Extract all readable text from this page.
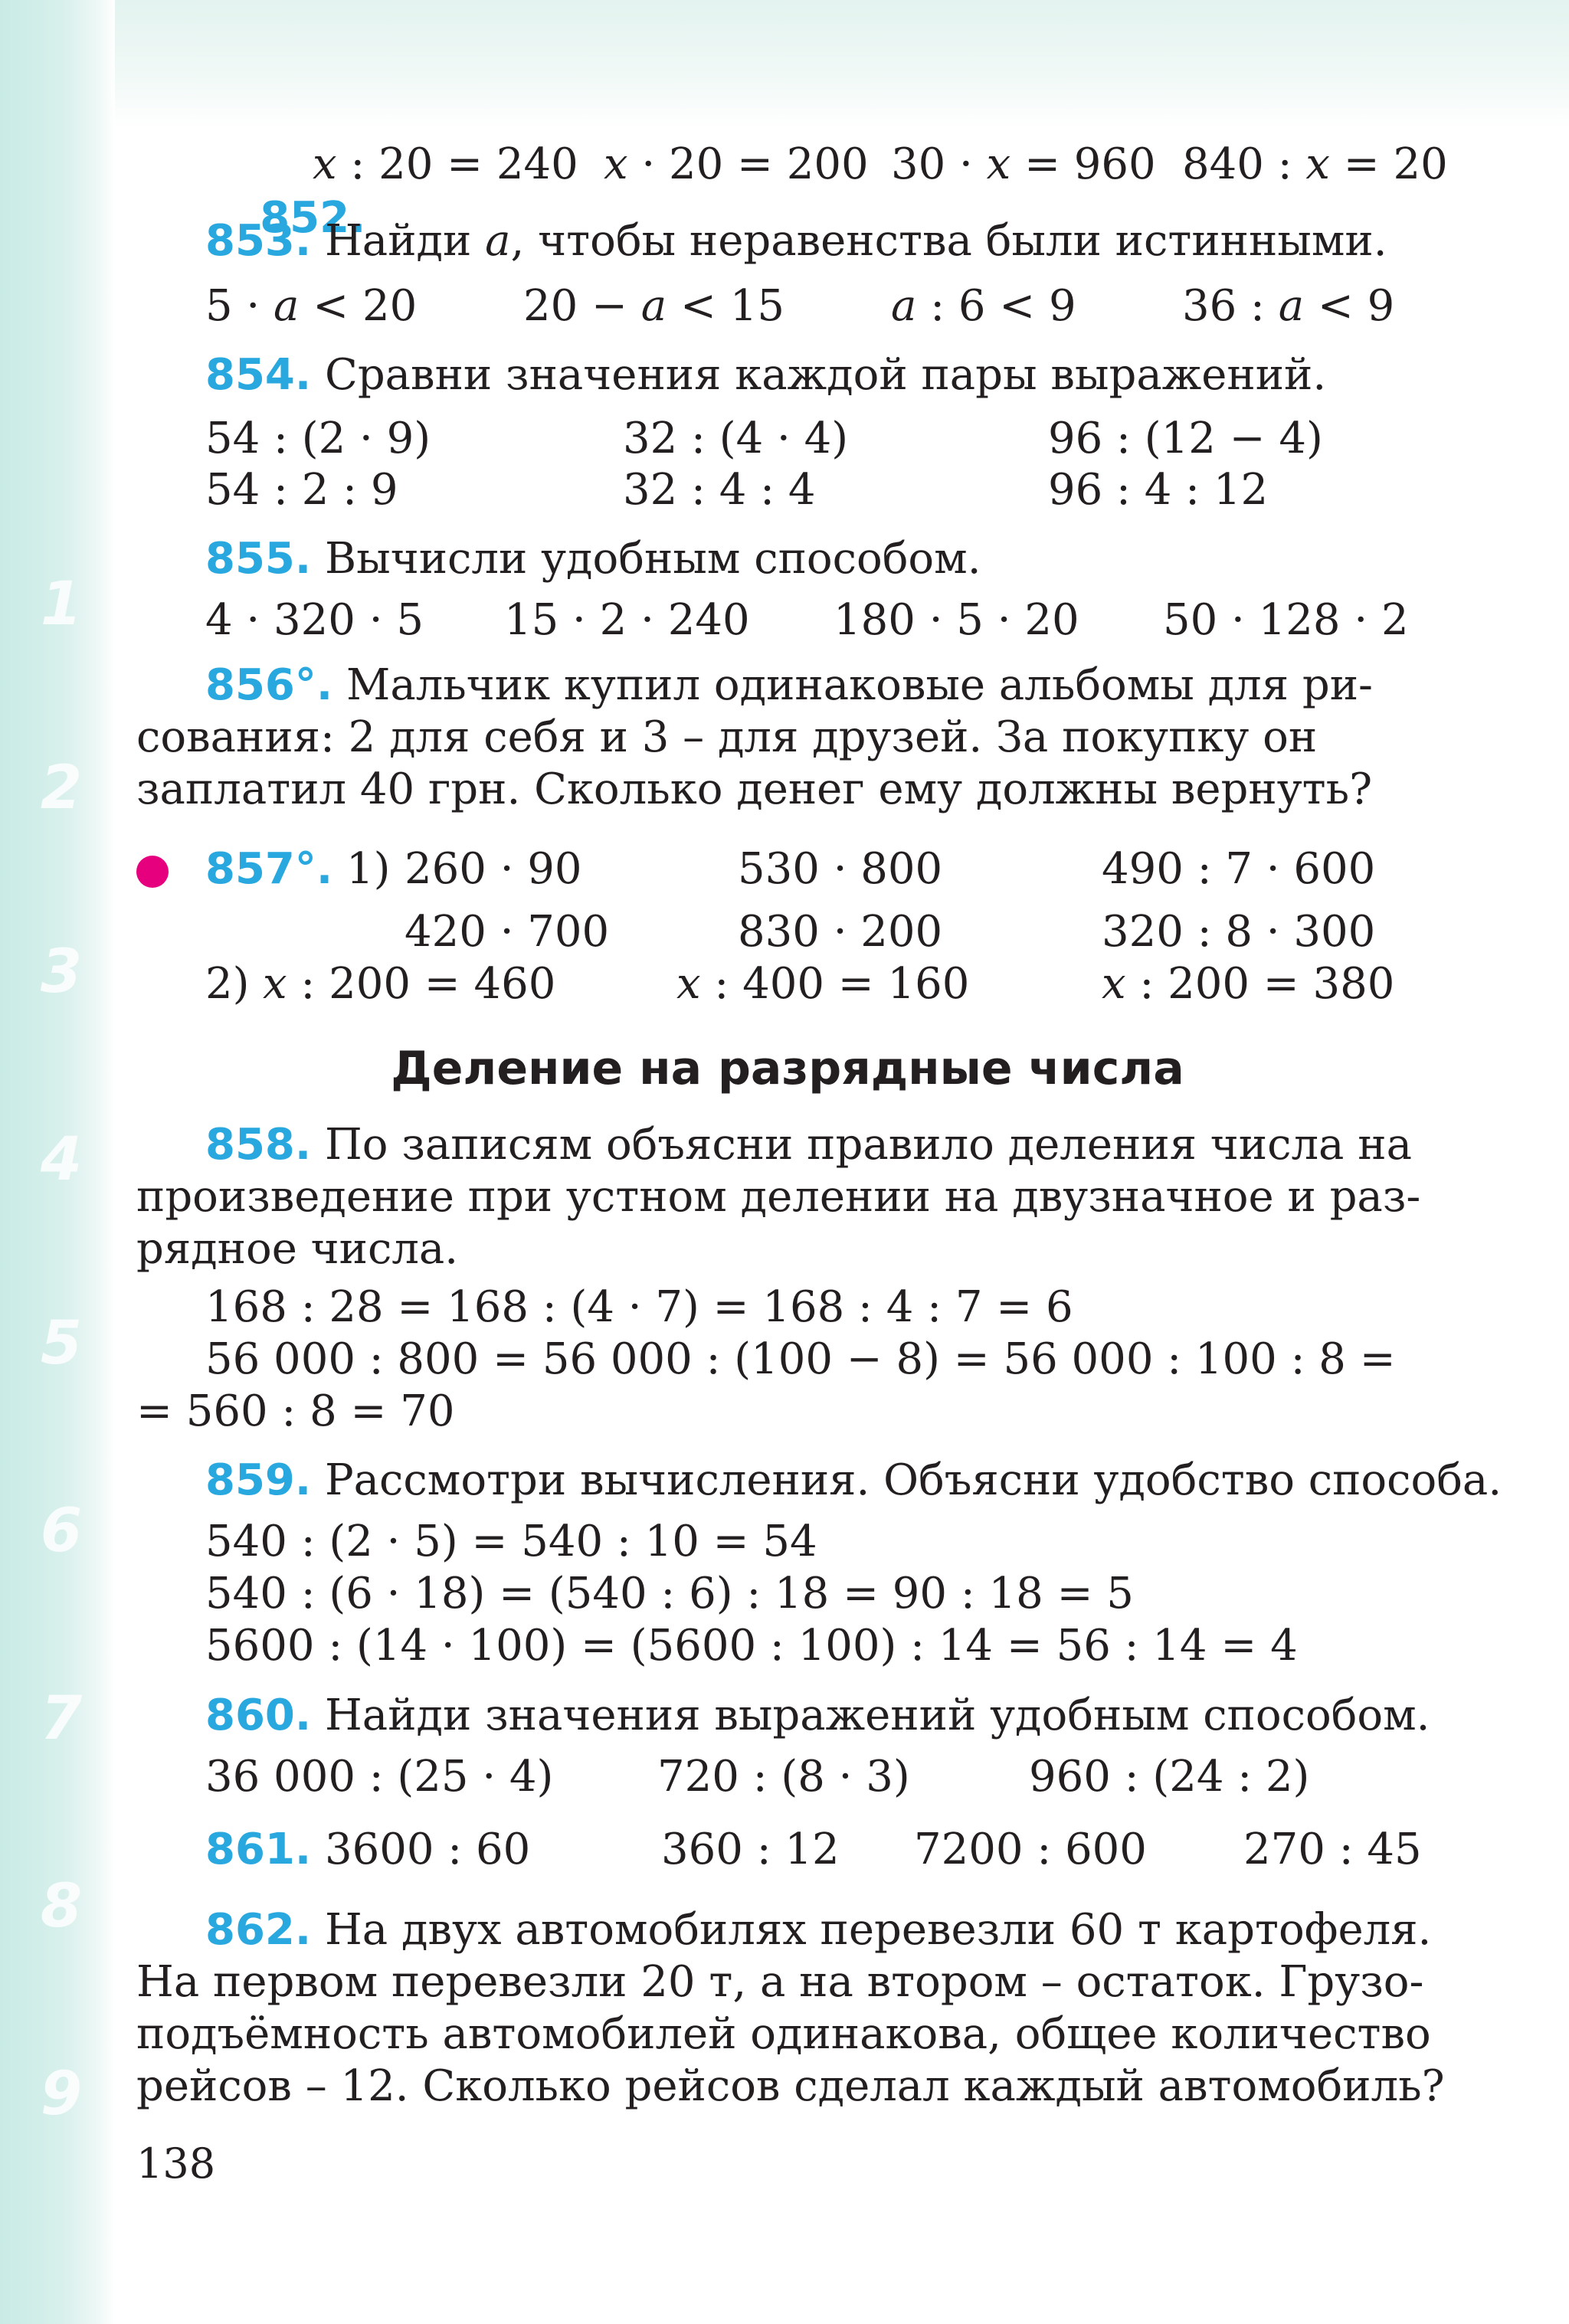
1
2
3
4
5
6
7
8
9

852.

x : 20 = 240 x · 20 = 200 30 · x = 960 840 : x = 20
853. Найди a, чтобы неравенства были истинными.
5 · a < 20 20 − a < 15 a : 6 < 9 36 : a < 9
854. Сравни значения каждой пары выражений.
54 : (2 · 9)	32 : (4 · 4)	96 : (12 − 4)
54 : 2 : 9	32 : 4 : 4	96 : 4 : 12
855. Вычисли удобным способом.
4 · 320 · 5 15 · 2 · 240 180 · 5 · 20 50 · 128 · 2
856°. Мальчик купил одинаковые альбомы для ри-
сования: 2 для себя и 3 – для друзей. За покупку он
заплатил 40 грн. Сколько денег ему должны вернуть?
857°. 1) 260 · 90	530 · 800	490 : 7 · 600
420 · 700	830 · 200	320 : 8 · 300
2) x : 200 = 460	x : 400 = 160	x : 200 = 380
Деление на разрядные числа
858. По записям объясни правило деления числа на
произведение при устном делении на двузначное и раз-
рядное числа.
168 : 28 = 168 : (4 · 7) = 168 : 4 : 7 = 6
56 000 : 800 = 56 000 : (100 − 8) = 56 000 : 100 : 8 =
= 560 : 8 = 70
859. Рассмотри вычисления. Объясни удобство способа.
540 : (2 · 5) = 540 : 10 = 54
540 : (6 · 18) = (540 : 6) : 18 = 90 : 18 = 5
5600 : (14 · 100) = (5600 : 100) : 14 = 56 : 14 = 4
860. Найди значения выражений удобным способом.
36 000 : (25 · 4) 720 : (8 · 3)	960 : (24 : 2)
861. 3600 : 60	360 : 12 7200 : 600 270 : 45
862. На двух автомобилях перевезли 60 т картофеля.
На первом перевезли 20 т, а на втором – остаток. Грузо-
подъёмность автомобилей одинакова, общее количество
рейсов – 12. Сколько рейсов сделал каждый автомобиль?
138
